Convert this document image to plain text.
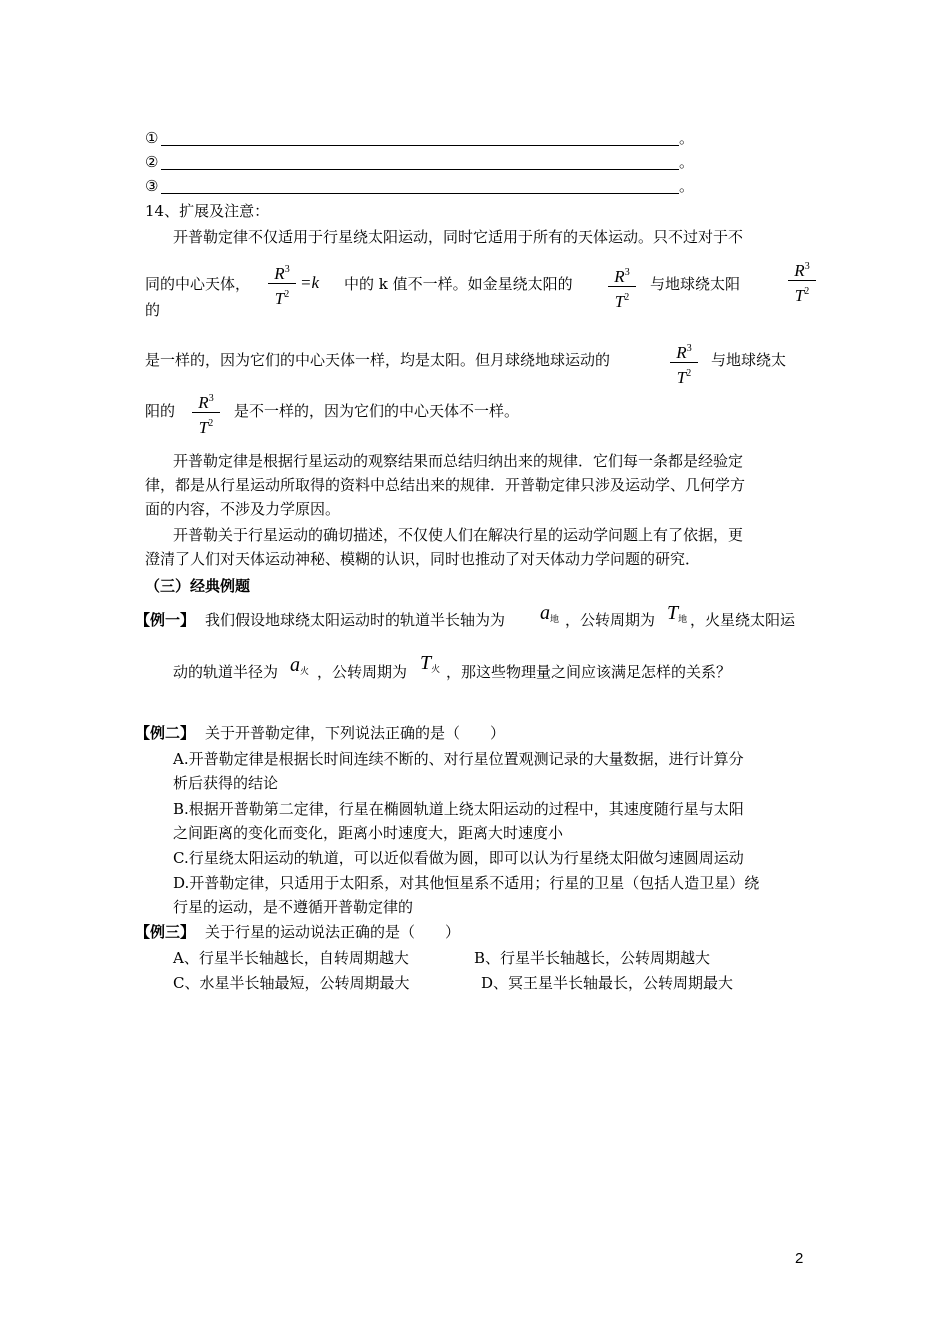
①	。
②	。
③	。
14、扩展及注意：
开普勒定律不仅适用于行星绕太阳运动，同时它适用于所有的天体运动。只不过对于不
同的中心天体，
$R^3$
$T^2$
=k 中的 k 值不一样。如金星绕太阳的	$R^3$
$T^2$
与地球绕太阳
$R^3$
$T^2$
的
是一样的，因为它们的中心天体一样，均是太阳。但月球绕地球运动的	$R^3$
$T^2$
与地球绕太
阳的	$R^3$
$T^2$
是不一样的，因为它们的中心天体不一样。
开普勒定律是根据行星运动的观察结果而总结归纳出来的规律．它们每一条都是经验定
律，都是从行星运动所取得的资料中总结出来的规律．开普勒定律只涉及运动学、几何学方
面的内容，不涉及力学原因。
开普勒关于行星运动的确切描述，不仅使人们在解决行星的运动学问题上有了依据，更
澄清了人们对天体运动神秘、模糊的认识，同时也推动了对天体动力学问题的研究．
（三）经典例题
【例一】 我们假设地球绕太阳运动时的轨道半长轴为为 $a_地$ ，公转周期为 $T_地$ ，火星绕太阳运
动的轨道半径为 $a_火$ ，公转周期为 $T_火$ ，那这些物理量之间应该满足怎样的关系？
【例二】 关于开普勒定律，下列说法正确的是（　　）
A.开普勒定律是根据长时间连续不断的、对行星位置观测记录的大量数据，进行计算分
析后获得的结论
B.根据开普勒第二定律，行星在椭圆轨道上绕太阳运动的过程中，其速度随行星与太阳
之间距离的变化而变化，距离小时速度大，距离大时速度小
C.行星绕太阳运动的轨道，可以近似看做为圆，即可以认为行星绕太阳做匀速圆周运动
D.开普勒定律，只适用于太阳系，对其他恒星系不适用；行星的卫星（包括人造卫星）绕
行星的运动，是不遵循开普勒定律的
【例三】 关于行星的运动说法正确的是（　　）
A、行星半长轴越长，自转周期越大	B、行星半长轴越长，公转周期越大
C、水星半长轴最短，公转周期最大	D、冥王星半长轴最长，公转周期最大
2
